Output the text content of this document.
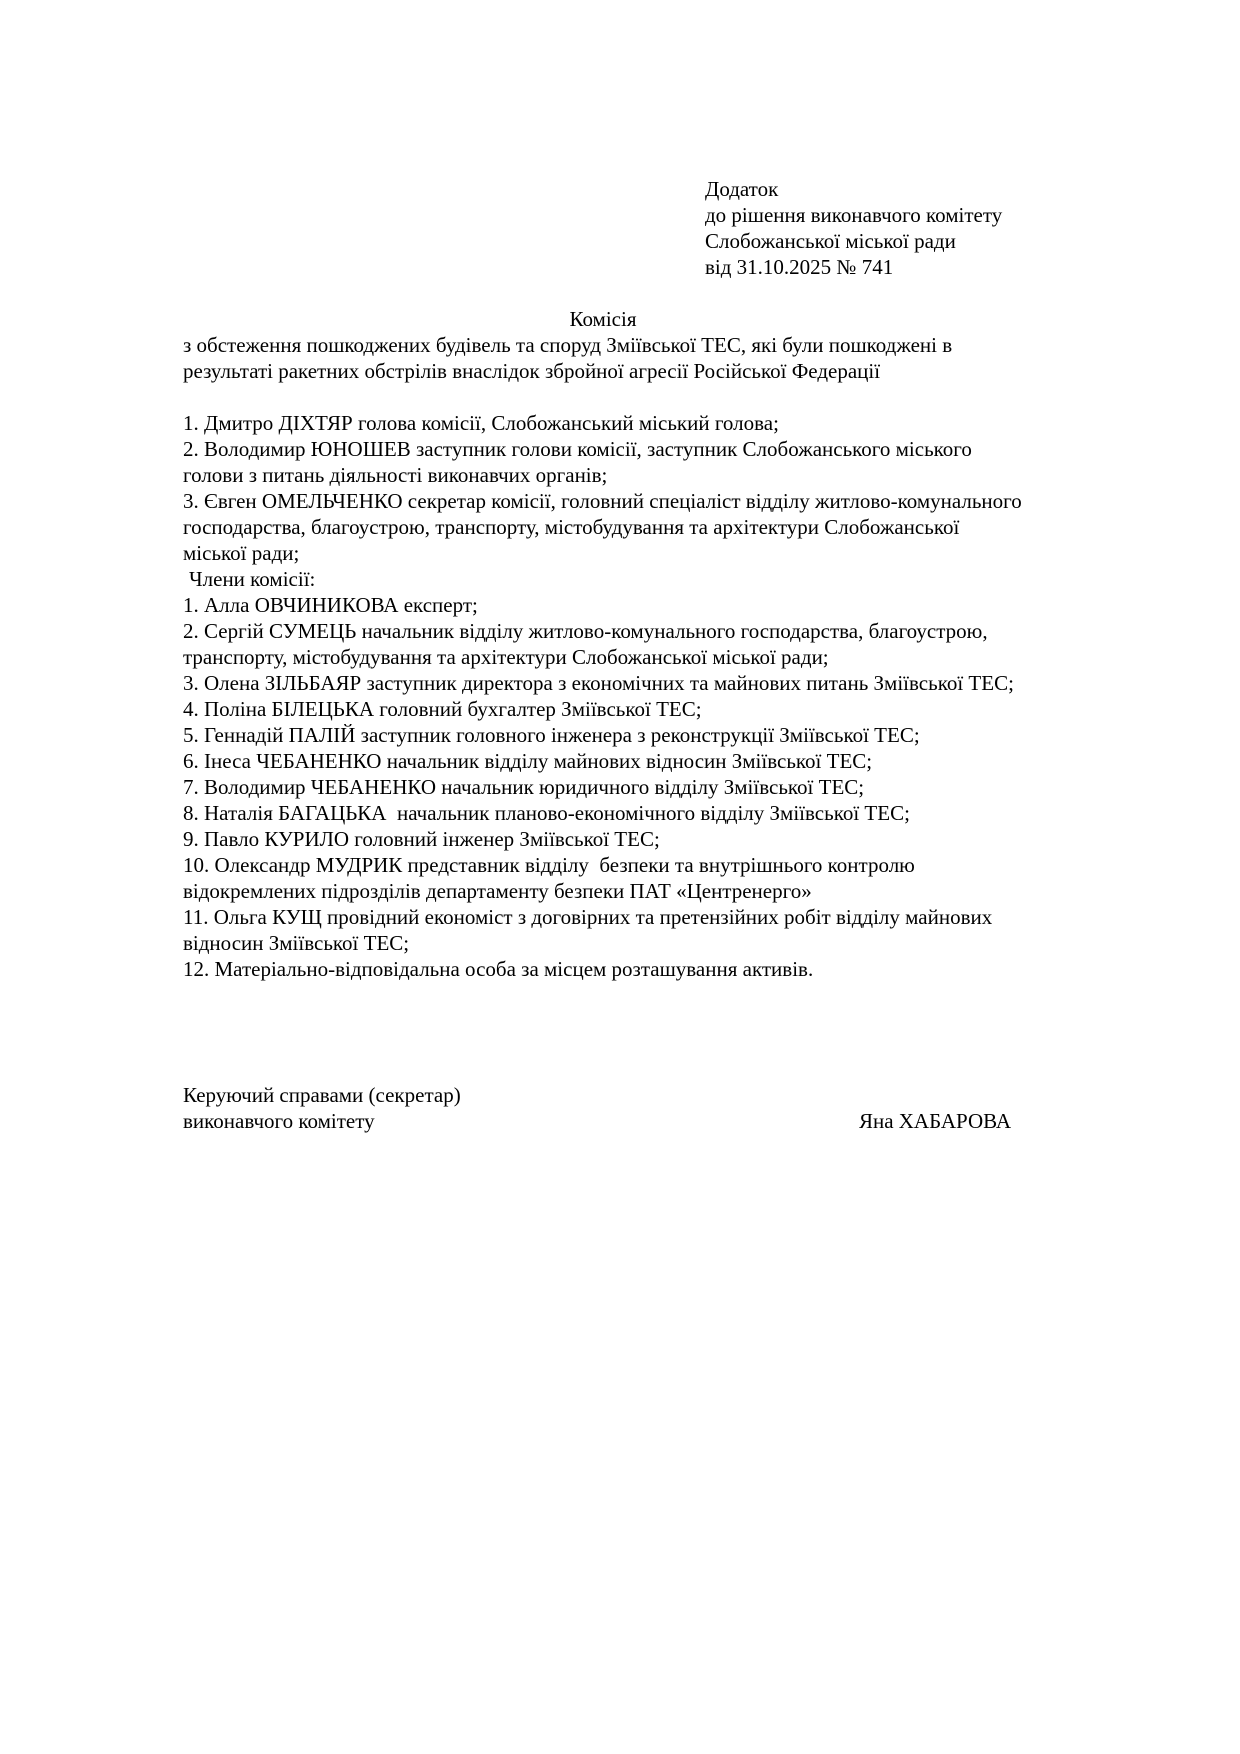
Додаток

до рішення виконавчого комітету

Слобожанської міської ради

від 31.10.2025 № 741

Комісія

з обстеження пошкоджених будівель та споруд Зміївської ТЕС, які були пошкоджені в результаті ракетних обстрілів внаслідок збройної агресії Російської Федерації

1. Дмитро ДІХТЯР голова комісії, Слобожанський міський голова;

2. Володимир ЮНОШЕВ заступник голови комісії, заступник Слобожанського міського голови з питань діяльності виконавчих органів;

3. Євген ОМЕЛЬЧЕНКО секретар комісії, головний спеціаліст відділу житлово-комунального господарства, благоустрою, транспорту, містобудування та архітектури Слобожанської міської ради;

Члени комісії:

1. Алла ОВЧИНИКОВА експерт;

2. Сергій СУМЕЦЬ начальник відділу житлово-комунального господарства, благоустрою, транспорту, містобудування та архітектури Слобожанської міської ради;

3. Олена ЗІЛЬБАЯР заступник директора з економічних та майнових питань Зміївської ТЕС;

4. Поліна БІЛЕЦЬКА головний бухгалтер Зміївської ТЕС;

5. Геннадій ПАЛІЙ заступник головного інженера з реконструкції Зміївської ТЕС;

6. Інеса ЧЕБАНЕНКО начальник відділу майнових відносин Зміївської ТЕС;

7. Володимир ЧЕБАНЕНКО начальник юридичного відділу Зміївської ТЕС;

8. Наталія БАГАЦЬКА  начальник планово-економічного відділу Зміївської ТЕС;

9. Павло КУРИЛО головний інженер Зміївської ТЕС;

10. Олександр МУДРИК представник відділу  безпеки та внутрішнього контролю відокремлених підрозділів департаменту безпеки ПАТ «Центренерго»

11. Ольга КУЩ провідний економіст з договірних та претензійних робіт відділу майнових відносин Зміївської ТЕС;

12. Матеріально-відповідальна особа за місцем розташування активів.

Керуючий справами (секретар)

виконавчого комітету	Яна ХАБАРОВА
